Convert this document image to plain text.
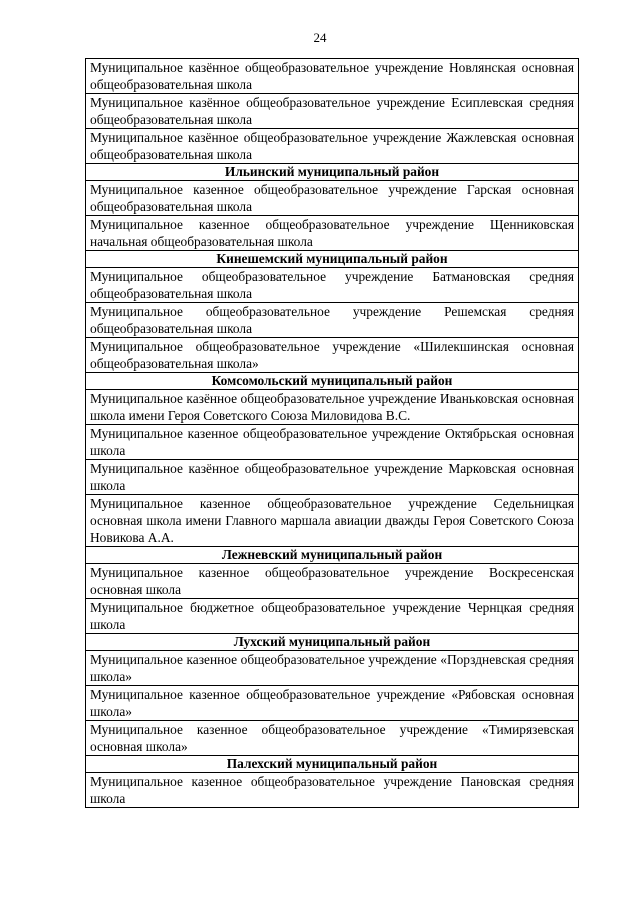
24
Муниципальное казённое общеобразовательное учреждение Новлянская основная общеобразовательная школа
Муниципальное казённое общеобразовательное учреждение Есиплевская средняя общеобразовательная школа
Муниципальное казённое общеобразовательное учреждение Жажлевская основная общеобразовательная школа
Ильинский муниципальный район
Муниципальное казенное общеобразовательное учреждение Гарская основная общеобразовательная школа
Муниципальное казенное общеобразовательное учреждение Щенниковская начальная общеобразовательная школа
Кинешемский муниципальный район
Муниципальное общеобразовательное учреждение Батмановская средняя общеобразовательная школа
Муниципальное общеобразовательное учреждение Решемская средняя общеобразовательная школа
Муниципальное общеобразовательное учреждение «Шилекшинская основная общеобразовательная школа»
Комсомольский муниципальный район
Муниципальное казённое общеобразовательное учреждение Иваньковская основная школа имени Героя Советского Союза Миловидова В.С.
Муниципальное казенное общеобразовательное учреждение Октябрьская основная школа
Муниципальное казённое общеобразовательное учреждение Марковская основная школа
Муниципальное казенное общеобразовательное учреждение Седельницкая основная школа имени Главного маршала авиации дважды Героя Советского Союза Новикова А.А.
Лежневский муниципальный район
Муниципальное казенное общеобразовательное учреждение Воскресенская основная школа
Муниципальное бюджетное общеобразовательное учреждение Чернцкая средняя школа
Лухский муниципальный район
Муниципальное казенное общеобразовательное учреждение «Порздневская средняя школа»
Муниципальное казенное общеобразовательное учреждение «Рябовская основная школа»
Муниципальное казенное общеобразовательное учреждение «Тимирязевская основная школа»
Палехский муниципальный район
Муниципальное казенное общеобразовательное учреждение Пановская средняя школа
